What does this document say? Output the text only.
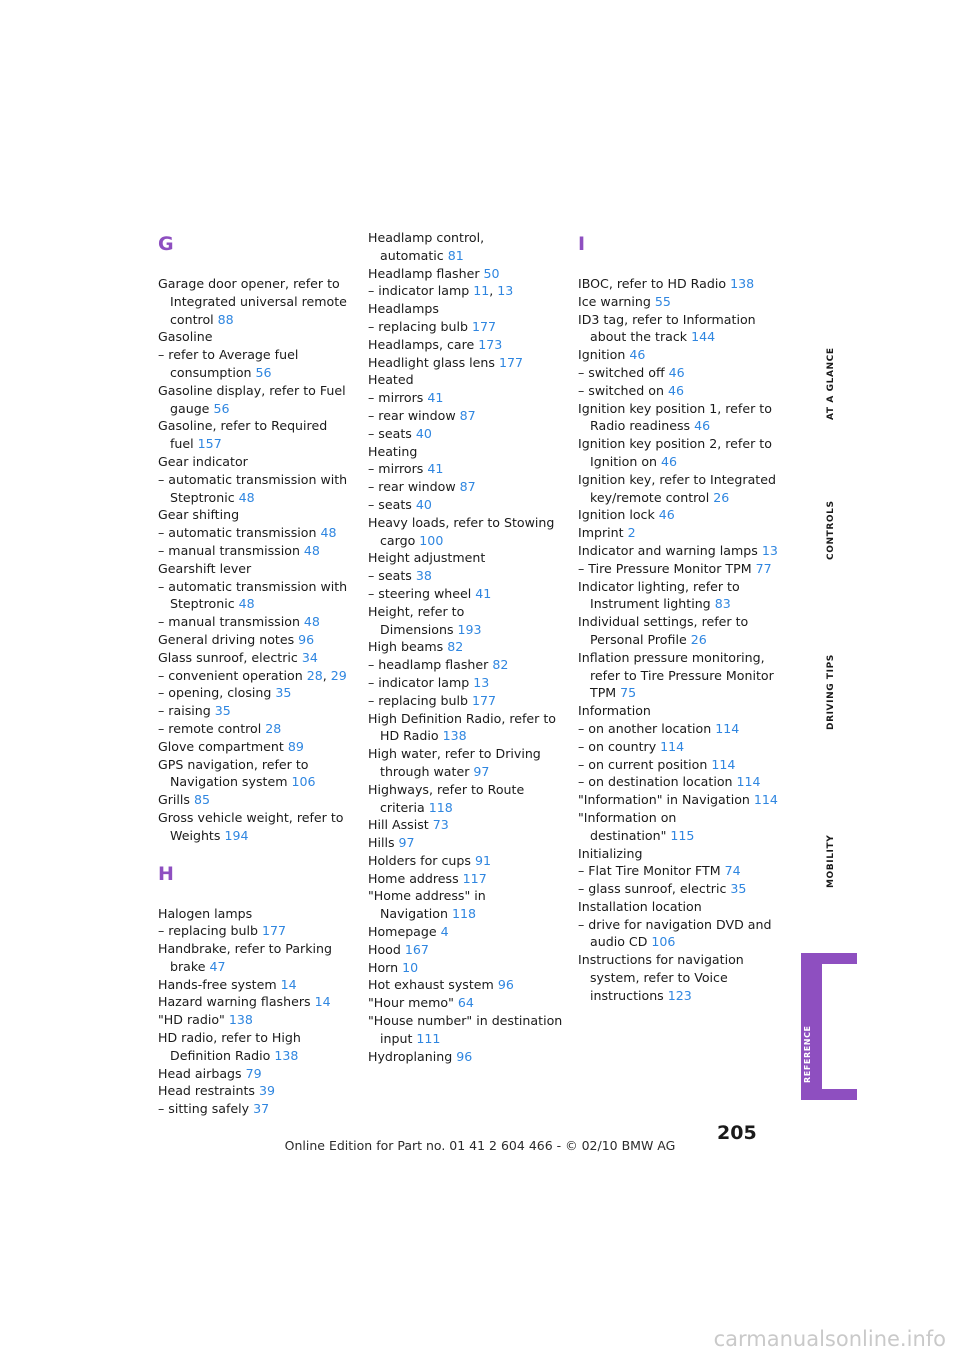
G
Garage door opener, refer to Integrated universal remote control 88
Gasoline
– refer to Average fuel consumption 56
Gasoline display, refer to Fuel gauge 56
Gasoline, refer to Required fuel 157
Gear indicator
– automatic transmission with Steptronic 48
Gear shifting
– automatic transmission 48
– manual transmission 48
Gearshift lever
– automatic transmission with Steptronic 48
– manual transmission 48
General driving notes 96
Glass sunroof, electric 34
– convenient operation 28, 29
– opening, closing 35
– raising 35
– remote control 28
Glove compartment 89
GPS navigation, refer to Navigation system 106
Grills 85
Gross vehicle weight, refer to Weights 194
H
Halogen lamps
– replacing bulb 177
Handbrake, refer to Parking brake 47
Hands-free system 14
Hazard warning flashers 14
"HD radio" 138
HD radio, refer to High Definition Radio 138
Head airbags 79
Head restraints 39
– sitting safely 37
Headlamp control, automatic 81
Headlamp flasher 50
– indicator lamp 11, 13
Headlamps
– replacing bulb 177
Headlamps, care 173
Headlight glass lens 177
Heated
– mirrors 41
– rear window 87
– seats 40
Heating
– mirrors 41
– rear window 87
– seats 40
Heavy loads, refer to Stowing cargo 100
Height adjustment
– seats 38
– steering wheel 41
Height, refer to Dimensions 193
High beams 82
– headlamp flasher 82
– indicator lamp 13
– replacing bulb 177
High Definition Radio, refer to HD Radio 138
High water, refer to Driving through water 97
Highways, refer to Route criteria 118
Hill Assist 73
Hills 97
Holders for cups 91
Home address 117
"Home address" in Navigation 118
Homepage 4
Hood 167
Horn 10
Hot exhaust system 96
"Hour memo" 64
"House number" in destination input 111
Hydroplaning 96
I
IBOC, refer to HD Radio 138
Ice warning 55
ID3 tag, refer to Information about the track 144
Ignition 46
– switched off 46
– switched on 46
Ignition key position 1, refer to Radio readiness 46
Ignition key position 2, refer to Ignition on 46
Ignition key, refer to Integrated key/remote control 26
Ignition lock 46
Imprint 2
Indicator and warning lamps 13
– Tire Pressure Monitor TPM 77
Indicator lighting, refer to Instrument lighting 83
Individual settings, refer to Personal Profile 26
Inflation pressure monitoring, refer to Tire Pressure Monitor TPM 75
Information
– on another location 114
– on country 114
– on current position 114
– on destination location 114
"Information" in Navigation 114
"Information on destination" 115
Initializing
– Flat Tire Monitor FTM 74
– glass sunroof, electric 35
Installation location
– drive for navigation DVD and audio CD 106
Instructions for navigation system, refer to Voice instructions 123
AT A GLANCE
CONTROLS
DRIVING TIPS
MOBILITY
REFERENCE
205
Online Edition for Part no. 01 41 2 604 466 - © 02/10 BMW AG
carmanualsonline.info
